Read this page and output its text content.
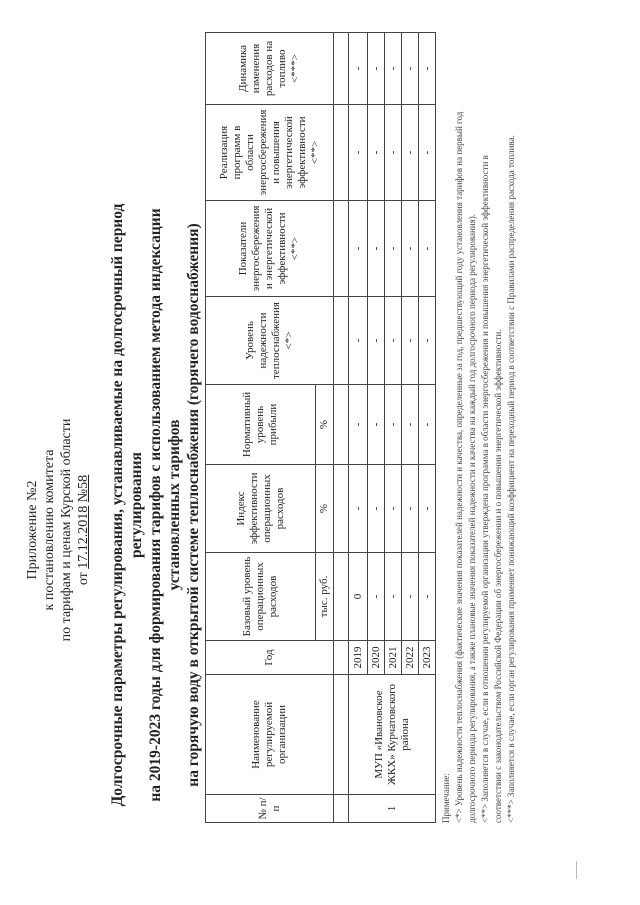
Приложение №2 к постановлению комитета по тарифам и ценам Курской области от 17.12.2018 №58 Долгосрочные параметры регулирования, устанавливаемые на долгосрочный период регулирования на 2019-2023 годы для формирования тарифов с использованием метода индексации установленных тарифов на горячую воду в открытой системе теплоснабжения (горячего водоснабжения)
№ п/п	Наименование регулируемой организации	Год	Базовый уровень операционных расходов	Индекс эффективности операционных расходов	Нормативный уровень прибыли	Уровень надежности теплоснабжения <*>	Показатели энергосбережения и энергетической эффективности <**>	Реализация программ в области энергосбережения и повышения энергетической эффективности <**>	Динамика изменения расходов на топливо <***>
			тыс. руб.	%	%				

1	МУП «Ивановское ЖКХ» Курчатовского района	2019	0	-	-	-	-	-	-
		2020	-	-	-	-	-	-	-
		2021	-	-	-	-	-	-	-
		2022	-	-	-	-	-	-	-
		2023	-	-	-	-	-	-	-
Примечание: <*> Уровень надежности теплоснабжения (фактические значения показателей надежности и качества, определенные за год, предшествующий году установления тарифов на первый год долгосрочного периода регулирования, а также плановые значения показателей надежности и качества на каждый год долгосрочного периода регулирования). <**> Заполняется в случае, если в отношении регулируемой организации утверждена программа в области энергосбережения и повышения энергетической эффективности в соответствии с законодательством Российской Федерации об энергосбережении и о повышении энергетической эффективности. <***> Заполняется в случае, если орган регулирования применяет понижающий коэффициент на переходный период в соответствии с Правилами распределения расхода топлива.
